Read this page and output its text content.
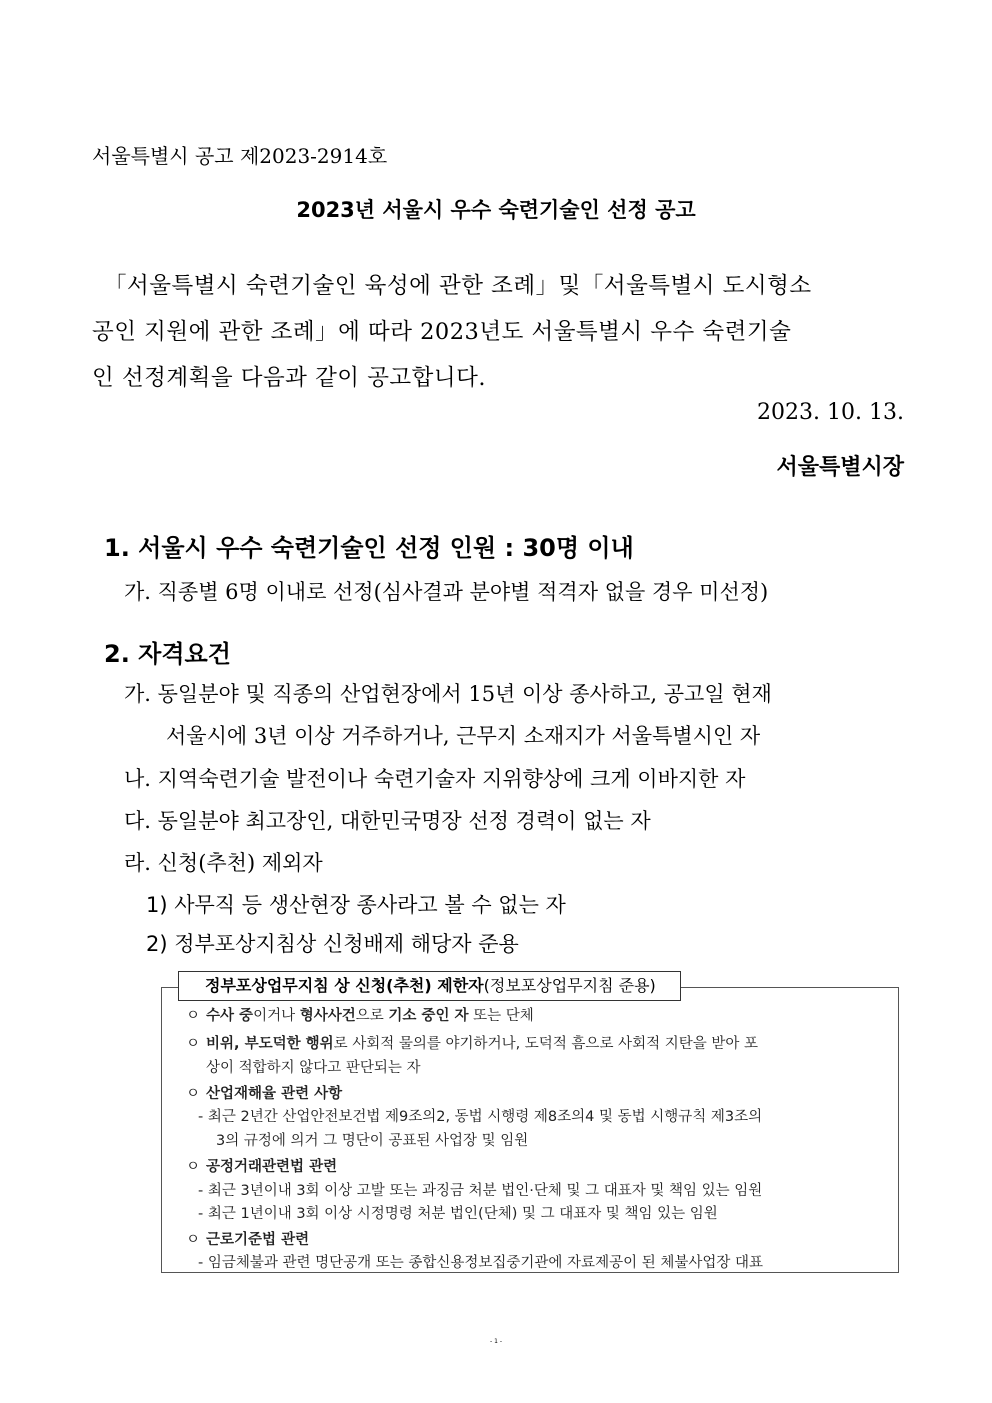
서울특별시 공고 제2023-2914호
2023년 서울시 우수 숙련기술인 선정 공고
「서울특별시 숙련기술인 육성에 관한 조례」및「서울특별시 도시형소
공인 지원에 관한 조례」에 따라 2023년도 서울특별시 우수 숙련기술
인 선정계획을 다음과 같이 공고합니다.
2023. 10. 13.
서울특별시장
1. 서울시 우수 숙련기술인 선정 인원 : 30명 이내
가. 직종별 6명 이내로 선정(심사결과 분야별 적격자 없을 경우 미선정)
2. 자격요건
가. 동일분야 및 직종의 산업현장에서 15년 이상 종사하고, 공고일 현재
서울시에 3년 이상 거주하거나, 근무지 소재지가 서울특별시인 자
나. 지역숙련기술 발전이나 숙련기술자 지위향상에 크게 이바지한 자
다. 동일분야 최고장인, 대한민국명장 선정 경력이 없는 자
라. 신청(추천) 제외자
1) 사무직 등 생산현장 종사라고 볼 수 없는 자
2) 정부포상지침상 신청배제 해당자 준용
정부포상업무지침 상 신청(추천) 제한자(정보포상업무지침 준용)
ㅇ 수사 중이거나 형사사건으로 기소 중인 자 또는 단체
ㅇ 비위, 부도덕한 행위로 사회적 물의를 야기하거나, 도덕적 흠으로 사회적 지탄을 받아 포
상이 적합하지 않다고 판단되는 자
ㅇ 산업재해율 관련 사항
- 최근 2년간 산업안전보건법 제9조의2, 동법 시행령 제8조의4 및 동법 시행규칙 제3조의
3의 규정에 의거 그 명단이 공표된 사업장 및 임원
ㅇ 공정거래관련법 관련
- 최근 3년이내 3회 이상 고발 또는 과징금 처분 법인·단체 및 그 대표자 및 책임 있는 임원
- 최근 1년이내 3회 이상 시정명령 처분 법인(단체) 및 그 대표자 및 책임 있는 임원
ㅇ 근로기준법 관련
- 임금체불과 관련 명단공개 또는 종합신용정보집중기관에 자료제공이 된 체불사업장 대표
- 1 -
